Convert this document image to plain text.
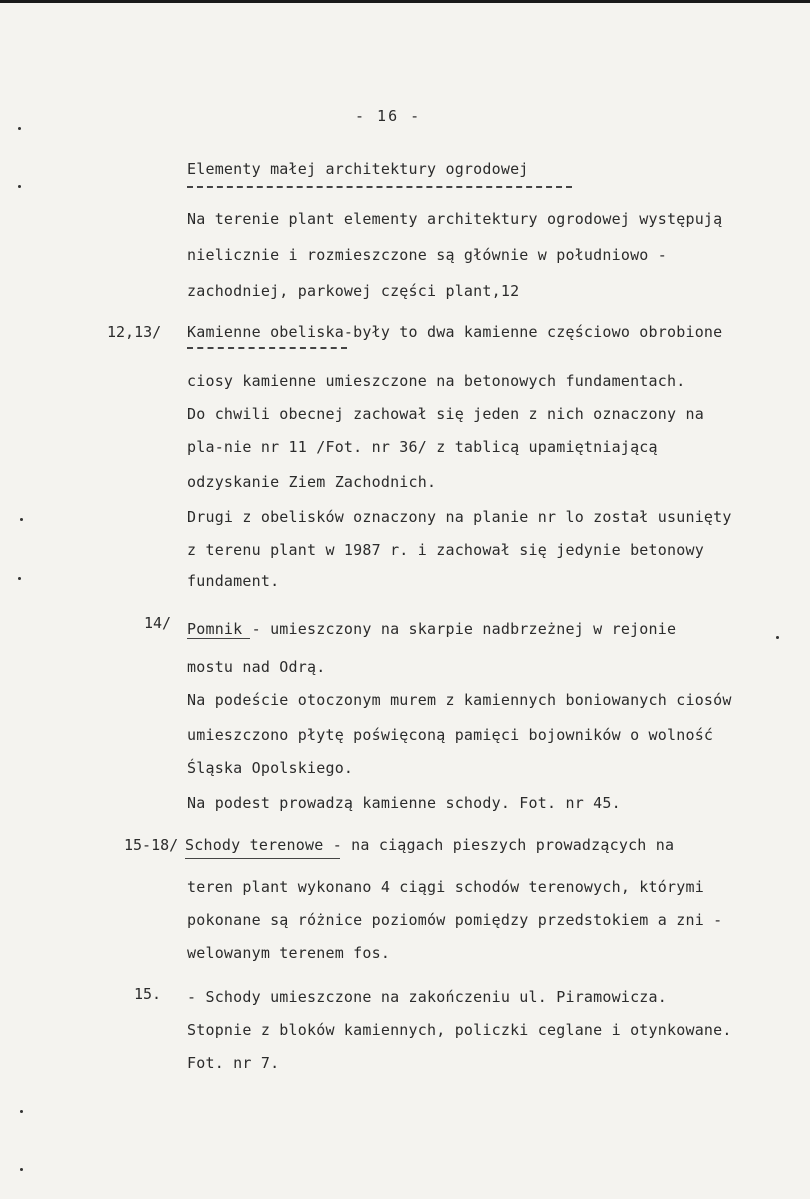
- 16 -
Elementy małej architektury ogrodowej
Na terenie plant elementy architektury ogrodowej występują
nielicznie i rozmieszczone są głównie w południowo -
zachodniej, parkowej części plant,12
12,13/ Kamienne obeliska-były to dwa kamienne częściowo obrobione
ciosy kamienne umieszczone na betonowych fundamentach.
Do chwili obecnej zachował się jeden z nich oznaczony na
pla-nie nr 11 /Fot. nr 36/ z tablicą upamiętniającą
odzyskanie Ziem Zachodnich.
Drugi z obelisków oznaczony na planie nr lo został usunięty
z terenu plant w 1987 r. i zachował się jedynie betonowy
fundament.
14/ Pomnik - umieszczony na skarpie nadbrzeżnej w rejonie
mostu nad Odrą.
Na podeście otoczonym murem z kamiennych boniowanych ciosów
umieszczono płytę poświęconą pamięci bojowników o wolność
Śląska Opolskiego.
Na podest prowadzą kamienne schody. Fot. nr 45.
15-18/ Schody terenowe - na ciągach pieszych prowadzących na
teren plant wykonano 4 ciągi schodów terenowych, którymi
pokonane są różnice poziomów pomiędzy przedstokiem a zni -
welowanym terenem fos.
15. - Schody umieszczone na zakończeniu ul. Piramowicza.
Stopnie z bloków kamiennych, policzki ceglane i otynkowane.
Fot. nr 7.
